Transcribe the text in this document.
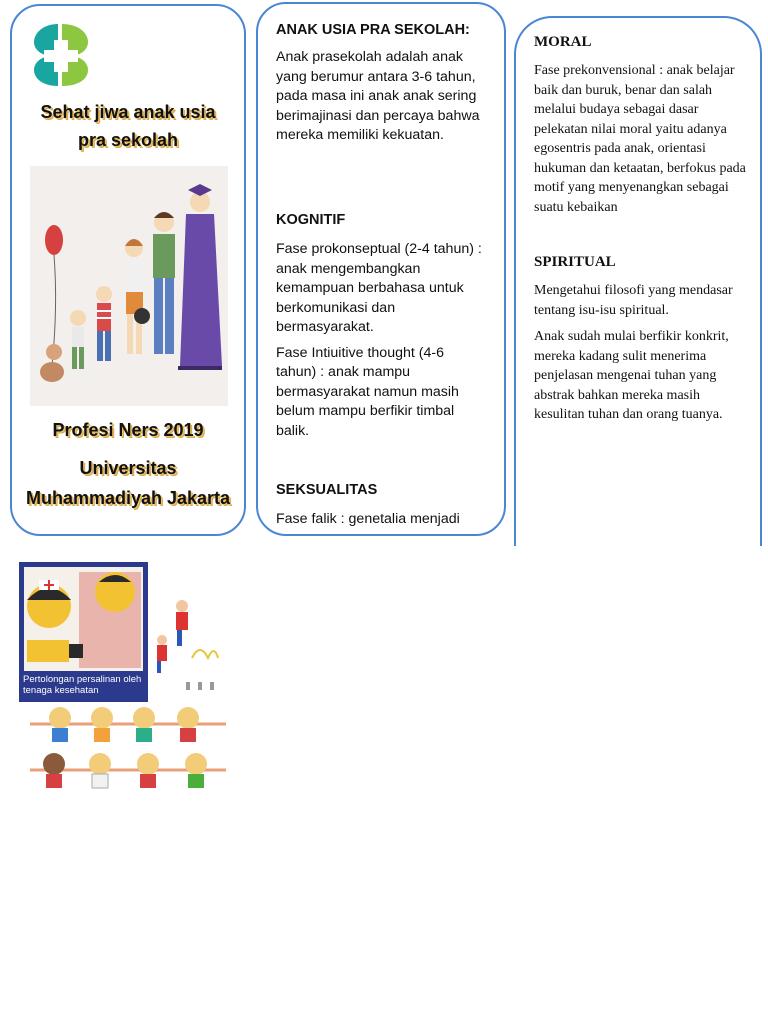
Sehat jiwa anak usia
pra sekolah
Profesi Ners 2019
Universitas
Muhammadiyah Jakarta
ANAK USIA PRA SEKOLAH:

Anak prasekolah adalah anak yang berumur antara 3-6 tahun, pada masa ini anak anak sering berimajinasi dan percaya bahwa mereka memiliki kekuatan.

KOGNITIF

Fase prokonseptual (2-4 tahun) : anak mengembangkan kemampuan berbahasa untuk berkomunikasi dan bermasyarakat.

Fase Intiuitive thought (4-6 tahun) : anak mampu bermasyarakat namun masih belum mampu berfikir timbal balik.

SEKSUALITAS

Fase falik : genetalia menjadi

MORAL

Fase prekonvensional : anak belajar baik dan buruk, benar dan salah melalui budaya sebagai dasar pelekatan nilai moral yaitu adanya egosentris pada anak, orientasi hukuman dan ketaatan, berfokus pada motif yang menyenangkan sebagai suatu kebaikan

SPIRITUAL

Mengetahui filosofi yang mendasar tentang isu-isu spiritual.

Anak sudah mulai berfikir konkrit, mereka kadang sulit menerima penjelasan mengenai tuhan yang abstrak bahkan mereka masih kesulitan tuhan dan orang tuanya.

Pertolongan persalinan oleh tenaga kesehatan
